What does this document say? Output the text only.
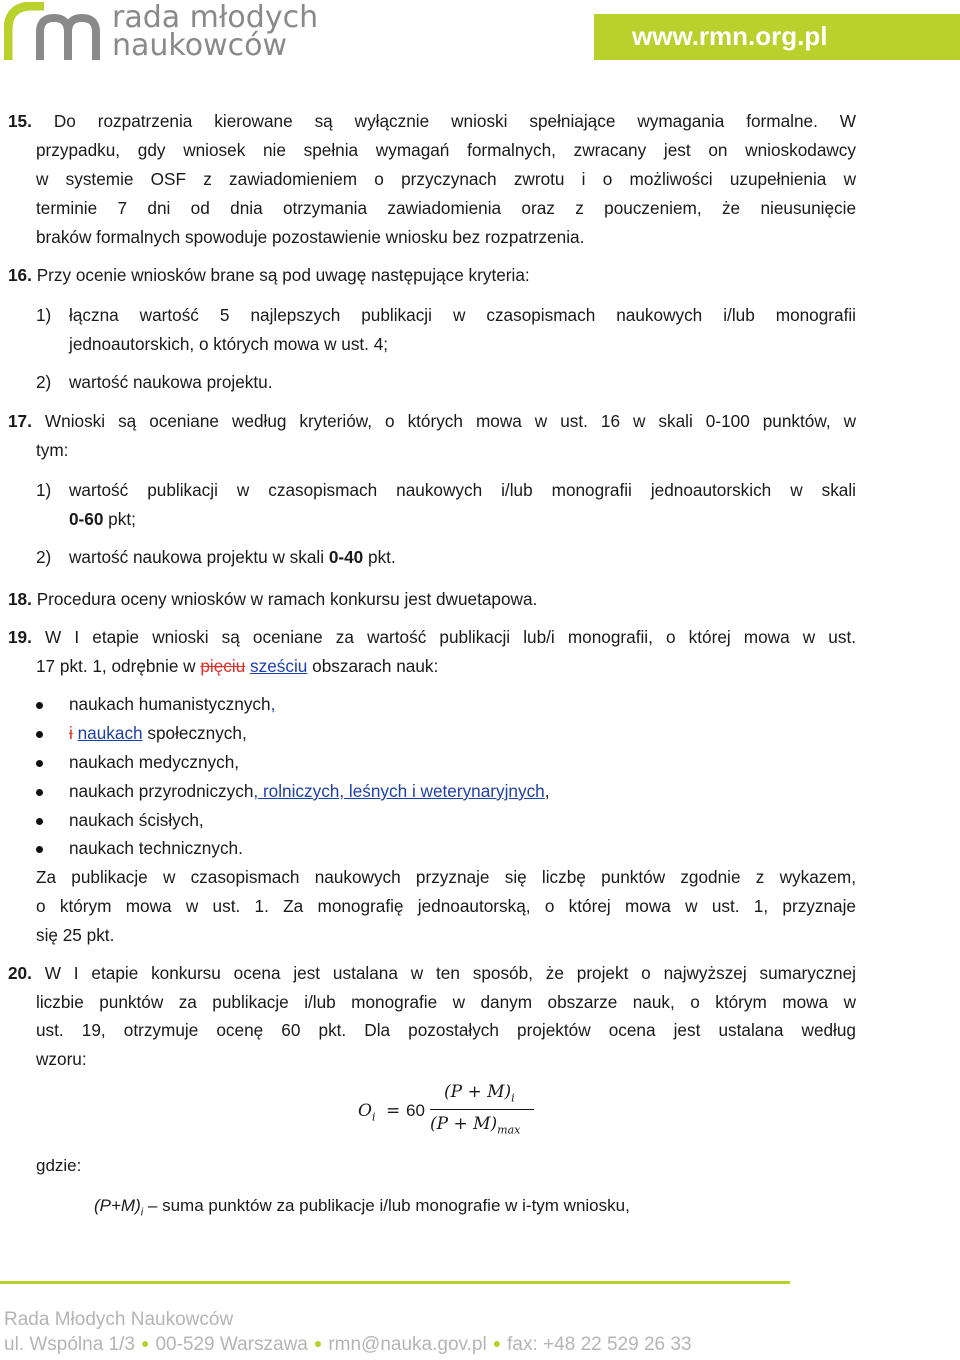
rada młodych
naukowców	www.rmn.org.pl
15. Do rozpatrzenia kierowane są wyłącznie wnioski spełniające wymagania formalne. W
przypadku, gdy wniosek nie spełnia wymagań formalnych, zwracany jest on wnioskodawcy
w systemie OSF z zawiadomieniem o przyczynach zwrotu i o możliwości uzupełnienia w
terminie 7 dni od dnia otrzymania zawiadomienia oraz z pouczeniem, że nieusunięcie
braków formalnych spowoduje pozostawienie wniosku bez rozpatrzenia.
16. Przy ocenie wniosków brane są pod uwagę następujące kryteria:
1) łączna wartość 5 najlepszych publikacji w czasopismach naukowych i/lub monografii
jednoautorskich, o których mowa w ust. 4;
2) wartość naukowa projektu.
17. Wnioski są oceniane według kryteriów, o których mowa w ust. 16 w skali 0-100 punktów, w
tym:
1) wartość publikacji w czasopismach naukowych i/lub monografii jednoautorskich w skali
0-60 pkt;
2) wartość naukowa projektu w skali 0-40 pkt.
18. Procedura oceny wniosków w ramach konkursu jest dwuetapowa.
19. W I etapie wnioski są oceniane za wartość publikacji lub/i monografii, o której mowa w ust.
17 pkt. 1, odrębnie w pięciu sześciu obszarach nauk:
naukach humanistycznych,
i naukach społecznych,
naukach medycznych,
naukach przyrodniczych, rolniczych, leśnych i weterynaryjnych,
naukach ścisłych,
naukach technicznych.
Za publikacje w czasopismach naukowych przyznaje się liczbę punktów zgodnie z wykazem,
o którym mowa w ust. 1. Za monografię jednoautorską, o której mowa w ust. 1, przyznaje
się 25 pkt.
20. W I etapie konkursu ocena jest ustalana w ten sposób, że projekt o najwyższej sumarycznej
liczbie punktów za publikacje i/lub monografie w danym obszarze nauk, o którym mowa w
ust. 19, otrzymuje ocenę 60 pkt. Dla pozostałych projektów ocena jest ustalana według
wzoru:
$O_i = 60$
$(P + M)_i$
$(P + M)_{max}$
gdzie:
$(P+M)_i$ – suma punktów za publikacje i/lub monografie w i-tym wniosku,
Rada Młodych Naukowców
ul. Wspólna 1/3 ● 00-529 Warszawa ● rmn@nauka.gov.pl ● fax: +48 22 529 26 33
